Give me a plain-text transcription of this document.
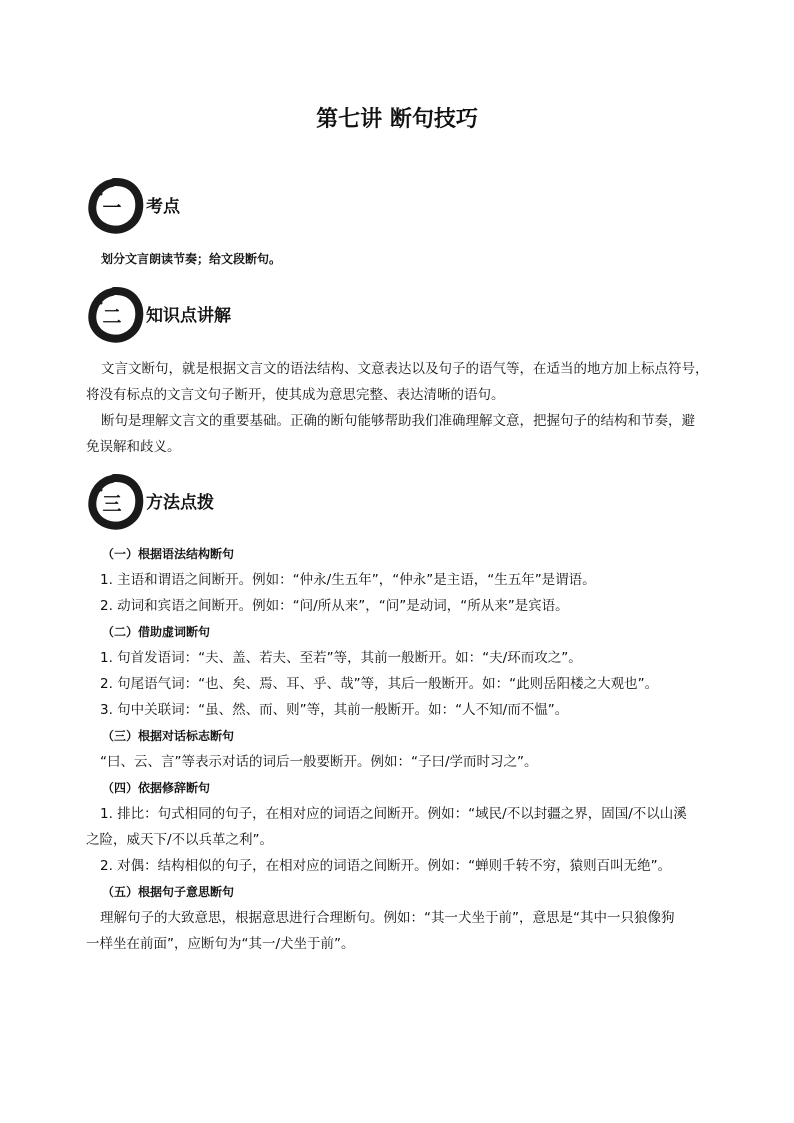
第七讲 断句技巧
一	考点
划分文言朗读节奏；给文段断句。
二	知识点讲解
文言文断句，就是根据文言文的语法结构、文意表达以及句子的语气等，在适当的地方加上标点符号，
将没有标点的文言文句子断开，使其成为意思完整、表达清晰的语句。
断句是理解文言文的重要基础。正确的断句能够帮助我们准确理解文意，把握句子的结构和节奏，避
免误解和歧义。
三	方法点拨
（一）根据语法结构断句
1. 主语和谓语之间断开。例如：“仲永/生五年”，“仲永”是主语，“生五年”是谓语。
2. 动词和宾语之间断开。例如：“问/所从来”，“问”是动词，“所从来”是宾语。
（二）借助虚词断句
1. 句首发语词：“夫、盖、若夫、至若”等，其前一般断开。如：“夫/环而攻之”。
2. 句尾语气词：“也、矣、焉、耳、乎、哉”等，其后一般断开。如：“此则岳阳楼之大观也”。
3. 句中关联词：“虽、然、而、则”等，其前一般断开。如：“人不知/而不愠”。
（三）根据对话标志断句
“曰、云、言”等表示对话的词后一般要断开。例如：“子曰/学而时习之”。
（四）依据修辞断句
1. 排比：句式相同的句子，在相对应的词语之间断开。例如：“域民/不以封疆之界，固国/不以山溪
之险，威天下/不以兵革之利”。
2. 对偶：结构相似的句子，在相对应的词语之间断开。例如：“蝉则千转不穷，猿则百叫无绝”。
（五）根据句子意思断句
理解句子的大致意思，根据意思进行合理断句。例如：“其一犬坐于前”，意思是“其中一只狼像狗
一样坐在前面”，应断句为“其一/犬坐于前”。
